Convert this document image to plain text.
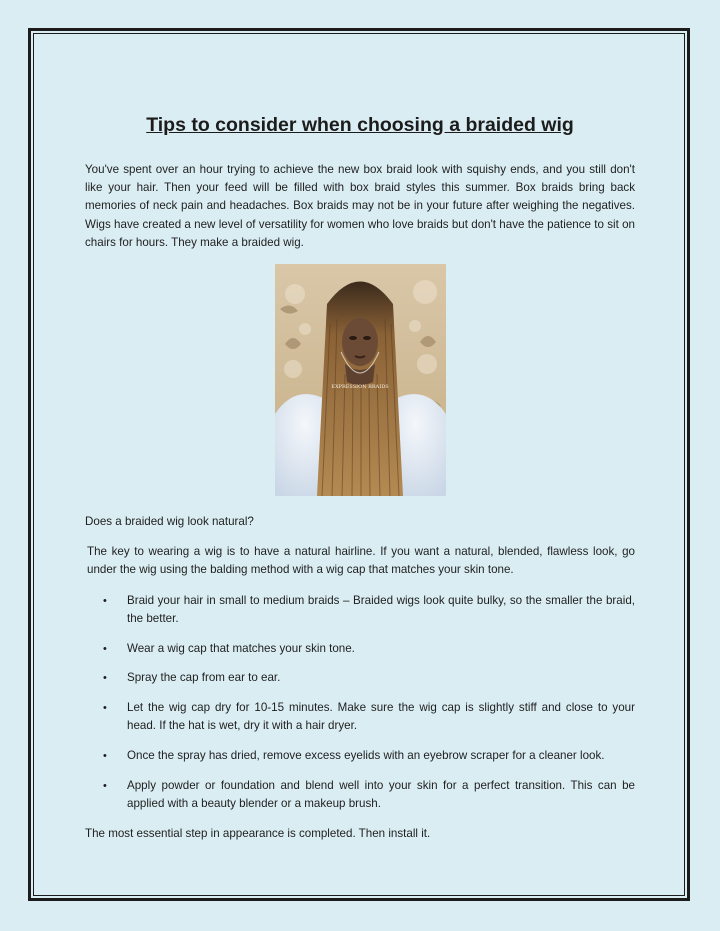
Tips to consider when choosing a braided wig

You've spent over an hour trying to achieve the new box braid look with squishy ends, and you still don't like your hair. Then your feed will be filled with box braid styles this summer. Box braids bring back memories of neck pain and headaches. Box braids may not be in your future after weighing the negatives. Wigs have created a new level of versatility for women who love braids but don't have the patience to sit on chairs for hours. They make a braided wig.

EXPRESSION BRAIDS

Does a braided wig look natural?

The key to wearing a wig is to have a natural hairline. If you want a natural, blended, flawless look, go under the wig using the balding method with a wig cap that matches your skin tone.

• Braid your hair in small to medium braids – Braided wigs look quite bulky, so the smaller the braid, the better.
• Wear a wig cap that matches your skin tone.
• Spray the cap from ear to ear.
• Let the wig cap dry for 10-15 minutes. Make sure the wig cap is slightly stiff and close to your head. If the hat is wet, dry it with a hair dryer.
• Once the spray has dried, remove excess eyelids with an eyebrow scraper for a cleaner look.
• Apply powder or foundation and blend well into your skin for a perfect transition. This can be applied with a beauty blender or a makeup brush.

The most essential step in appearance is completed. Then install it.
